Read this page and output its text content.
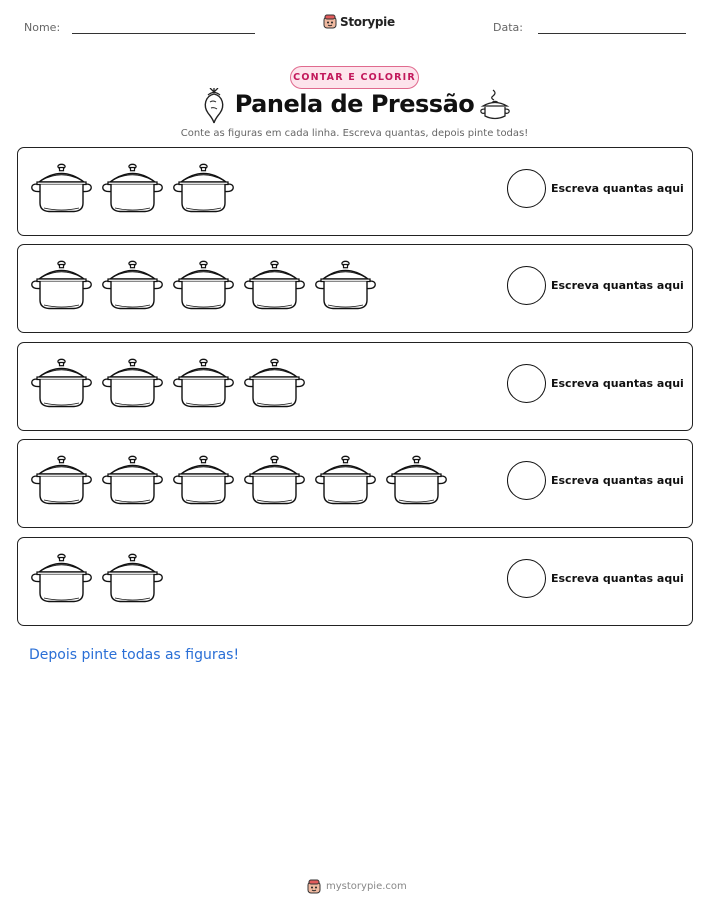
Nome:	Storypie	Data:
CONTAR E COLORIR
Panela de Pressão
Conte as figuras em cada linha. Escreva quantas, depois pinte todas!
Escreva quantas aqui
Escreva quantas aqui
Escreva quantas aqui
Escreva quantas aqui
Escreva quantas aqui
Depois pinte todas as figuras!
mystorypie.com
